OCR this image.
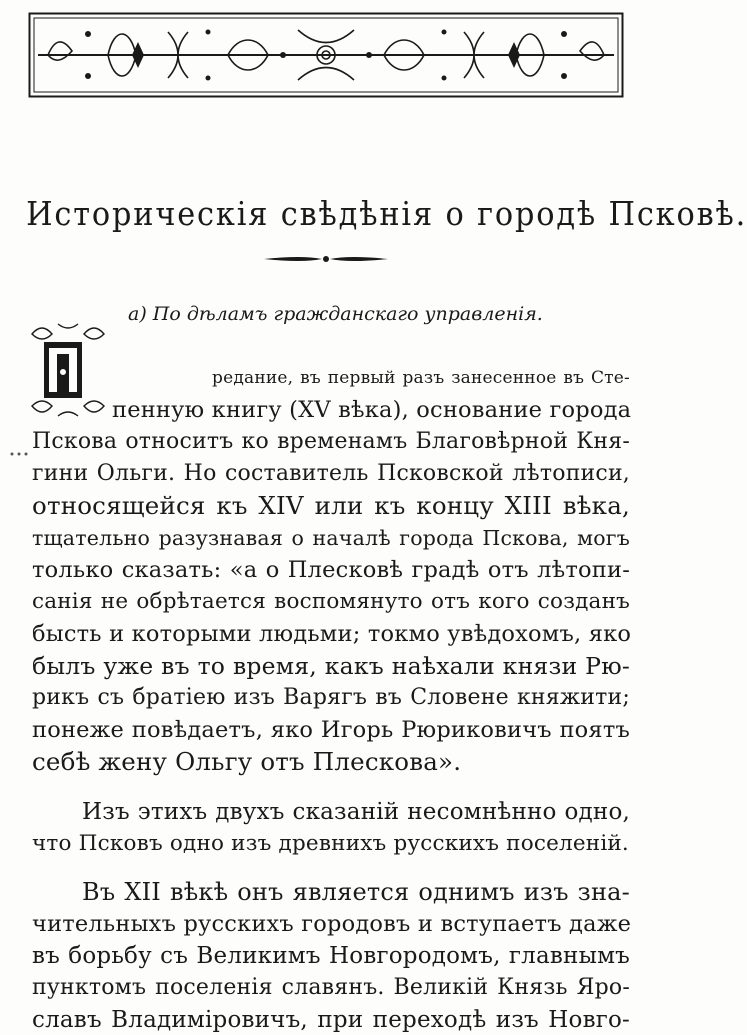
Историческія свѣдѣнія о городѣ Псковѣ.
а) По дѣламъ гражданскаго управленія.

редание, въ первый разъ занесенное въ Сте-

пенную книгу (XV вѣка), основание города

Пскова относитъ ко временамъ Благовѣрной Кня-

гини Ольги. Но составитель Псковской лѣтописи,

относящейся къ XIV или къ концу XIII вѣка,

тщательно разузнавая о началѣ города Пскова, могъ

только сказать: «а о Плесковѣ градѣ отъ лѣтопи-

санія не обрѣтается воспомянуто отъ кого созданъ

бысть и которыми людьми; токмо увѣдохомъ, яко

былъ уже въ то время, какъ наѣхали князи Рю-

рикъ съ братіею изъ Варягъ въ Словене княжити;

понеже повѣдаетъ, яко Игорь Рюриковичъ поятъ

себѣ жену Ольгу отъ Плескова».

Изъ этихъ двухъ сказаній несомнѣнно одно,

что Псковъ одно изъ древнихъ русскихъ поселеній.

Въ XII вѣкѣ онъ является однимъ изъ зна-

чительныхъ русскихъ городовъ и вступаетъ даже

въ борьбу съ Великимъ Новгородомъ, главнымъ

пунктомъ поселенія славянъ. Великій Князь Яро-

славъ Владиміровичъ, при переходѣ изъ Новго-
